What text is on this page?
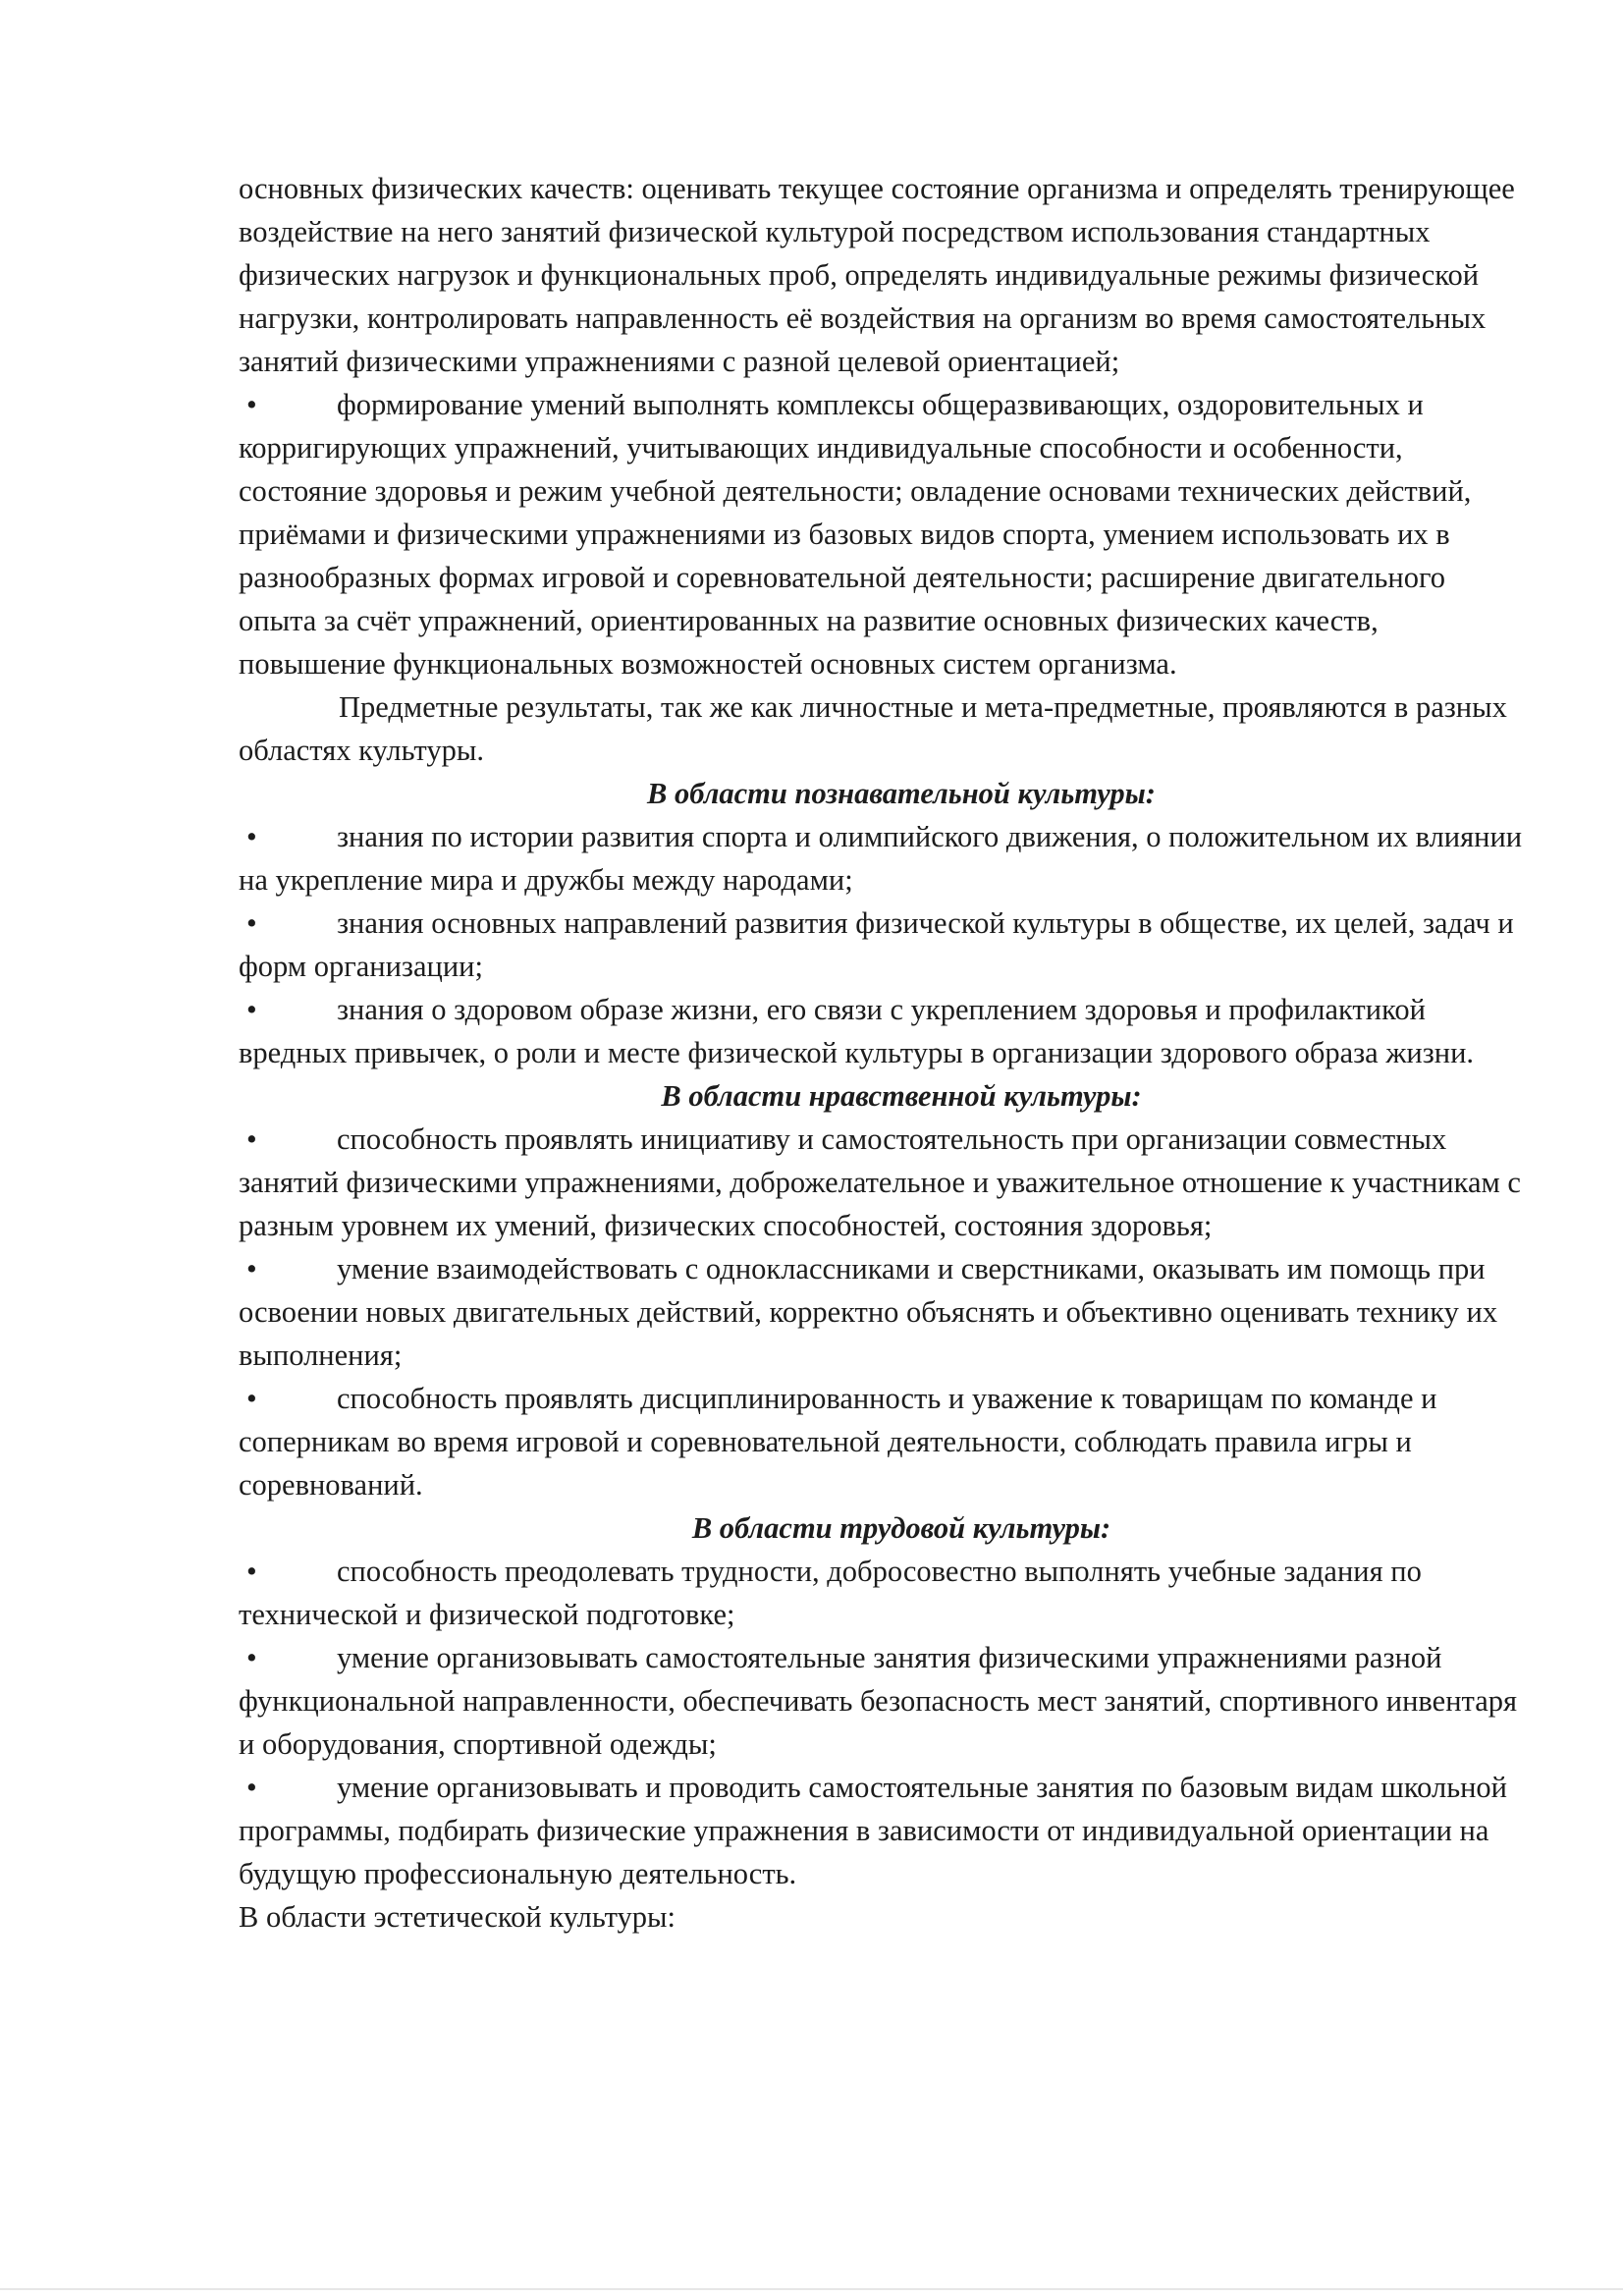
основных физических качеств: оценивать текущее состояние организма и определять тренирующее воздействие на него занятий физической культурой посредством использования стандартных физических нагрузок и функциональных проб, определять индивидуальные режимы физической нагрузки, контролировать направленность её воздействия на организм во время самостоятельных занятий физическими упражнениями с разной целевой ориентацией;

•	формирование умений выполнять комплексы общеразвивающих, оздоровительных и корригирующих упражнений, учитывающих индивидуальные способности и особенности, состояние здоровья и режим учебной деятельности; овладение основами технических действий, приёмами и физическими упражнениями из базовых видов спорта, умением использовать их в разнообразных формах игровой и соревновательной деятельности; расширение двигательного опыта за счёт упражнений, ориентированных на развитие основных физических качеств, повышение функциональных возможностей основных систем организма.

Предметные результаты, так же как личностные и мета-предметные, проявляются в разных областях культуры.

В области познавательной культуры:

•	знания по истории развития спорта и олимпийского движения, о положительном их влиянии на укрепление мира и дружбы между народами;

•	знания основных направлений развития физической культуры в обществе, их целей, задач и форм организации;

•	знания о здоровом образе жизни, его связи с укреплением здоровья и профилактикой вредных привычек, о роли и месте физической культуры в организации здорового образа жизни.

В области нравственной культуры:

•	способность проявлять инициативу и самостоятельность при организации совместных занятий физическими упражнениями, доброжелательное и уважительное отношение к участникам с разным уровнем их умений, физических способностей, состояния здоровья;

•	умение взаимодействовать с одноклассниками и сверстниками, оказывать им помощь при освоении новых двигательных действий, корректно объяснять и объективно оценивать технику их выполнения;

•	способность проявлять дисциплинированность и уважение к товарищам по команде и соперникам во время игровой и соревновательной деятельности, соблюдать правила игры и соревнований.

В области трудовой культуры:

•	способность преодолевать трудности, добросовестно выполнять учебные задания по технической и физической подготовке;

•	умение организовывать самостоятельные занятия физическими упражнениями разной функциональной направленности, обеспечивать безопасность мест занятий, спортивного инвентаря и оборудования, спортивной одежды;

•	умение организовывать и проводить самостоятельные занятия по базовым видам школьной программы, подбирать физические упражнения в зависимости от индивидуальной ориентации на будущую профессиональную деятельность.

В области эстетической культуры:
